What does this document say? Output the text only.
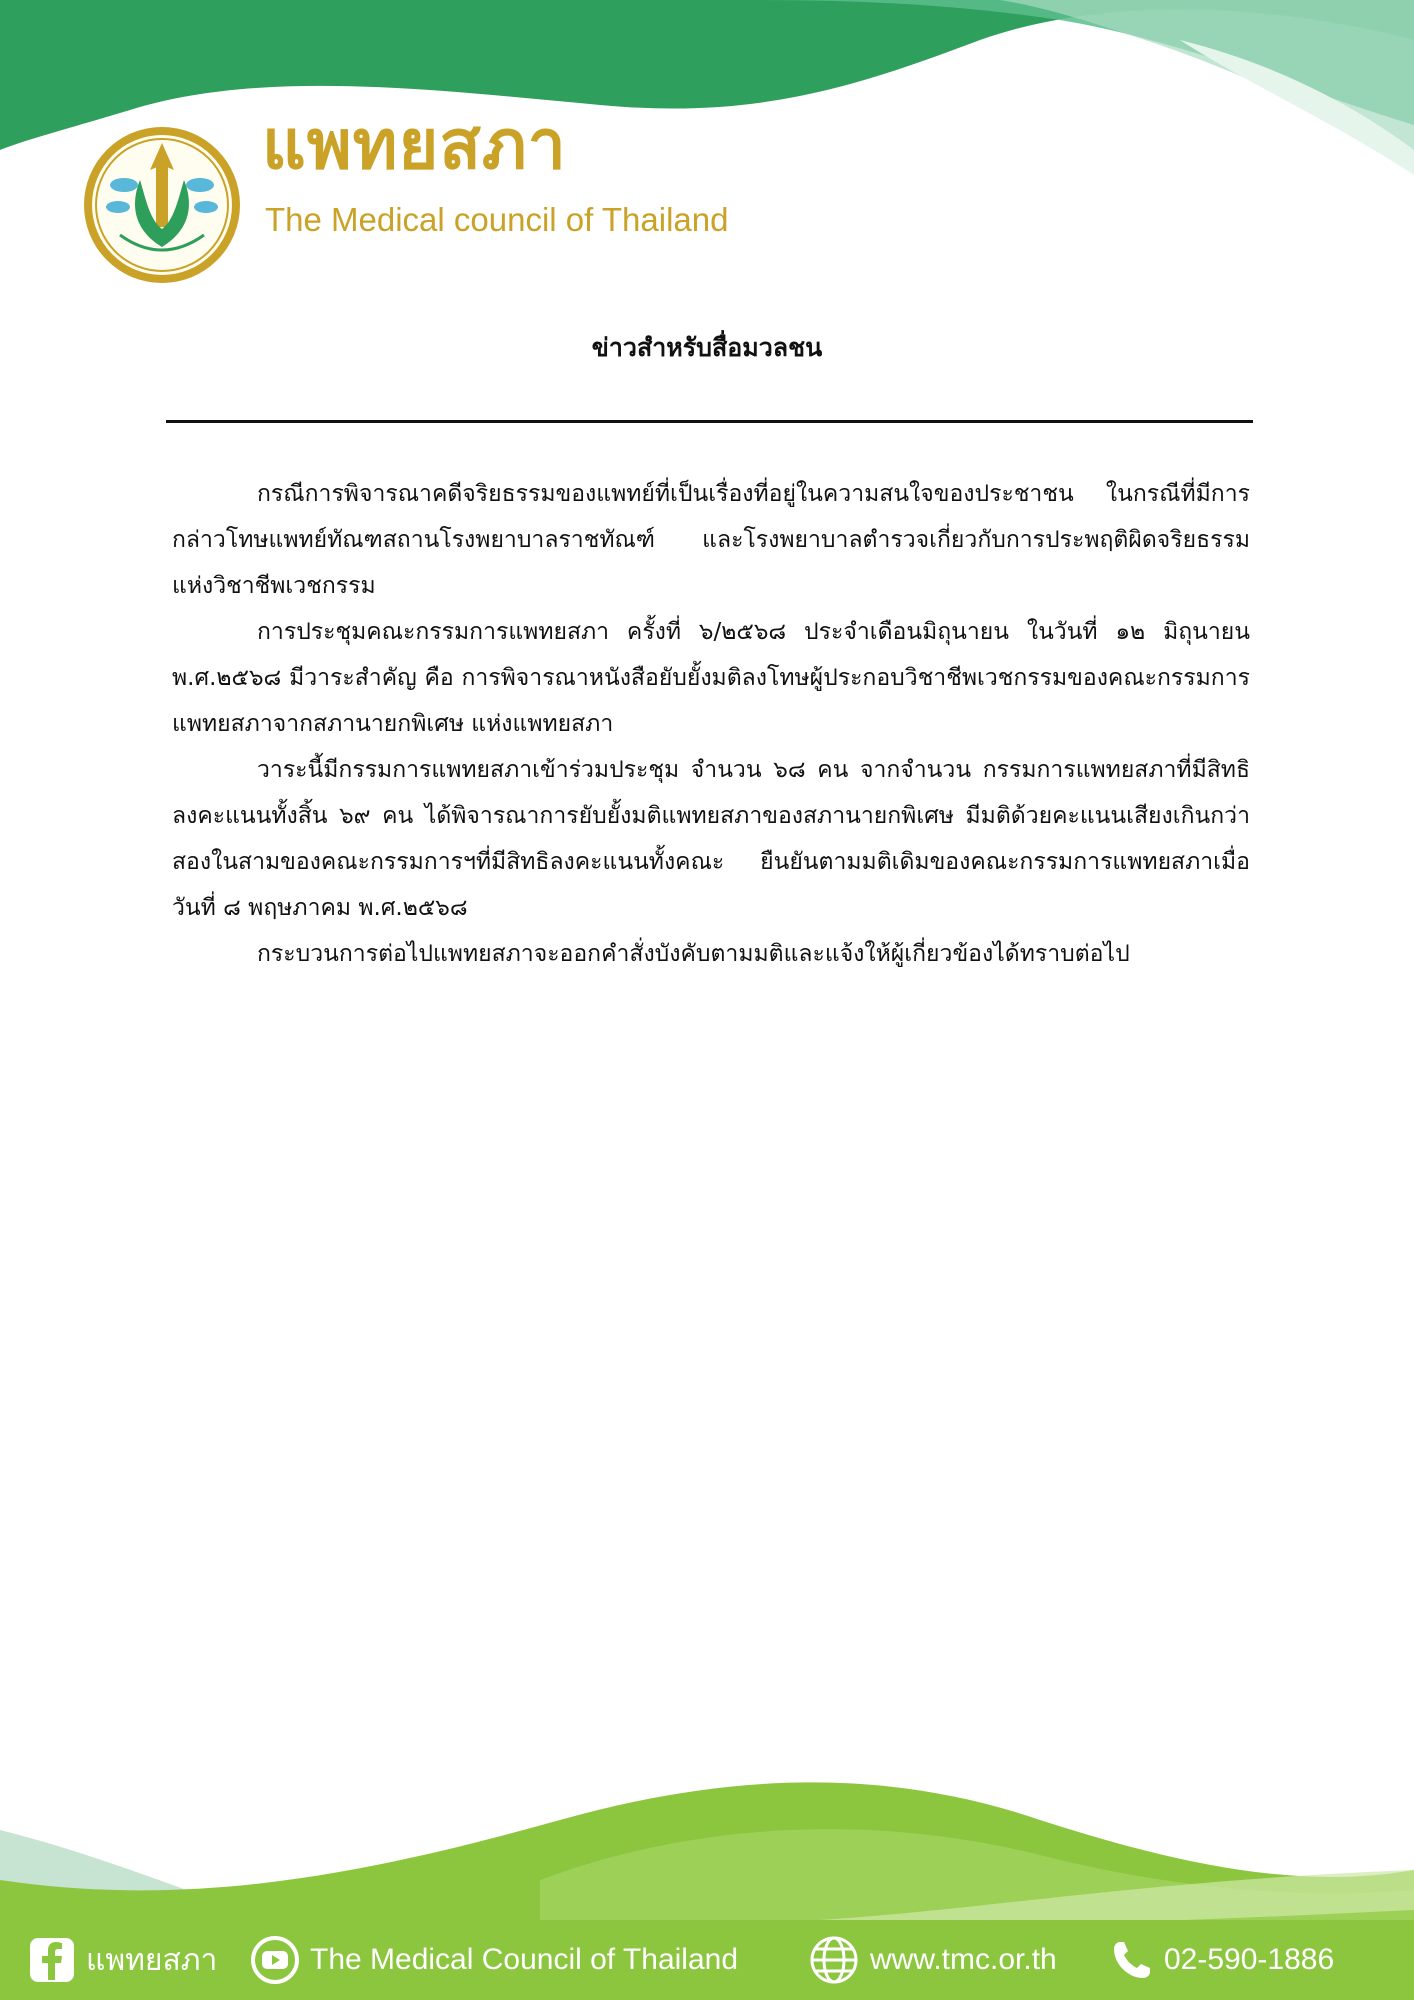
แพทยสภา
The Medical council of Thailand
ข่าวสำหรับสื่อมวลชน

กรณีการพิจารณาคดีจริยธรรมของแพทย์ที่เป็นเรื่องที่อยู่ในความสนใจของประชาชน ในกรณีที่มีการกล่าวโทษแพทย์ทัณฑสถานโรงพยาบาลราชทัณฑ์ และโรงพยาบาลตำรวจเกี่ยวกับการประพฤติผิดจริยธรรมแห่งวิชาชีพเวชกรรม

การประชุมคณะกรรมการแพทยสภา ครั้งที่ ๖/๒๕๖๘ ประจำเดือนมิถุนายน ในวันที่ ๑๒ มิถุนายน พ.ศ.๒๕๖๘ มีวาระสำคัญ คือ การพิจารณาหนังสือยับยั้งมติลงโทษผู้ประกอบวิชาชีพเวชกรรมของคณะกรรมการแพทยสภาจากสภานายกพิเศษ แห่งแพทยสภา

วาระนี้มีกรรมการแพทยสภาเข้าร่วมประชุม จำนวน ๖๘ คน จากจำนวน กรรมการแพทยสภาที่มีสิทธิลงคะแนนทั้งสิ้น ๖๙ คน ได้พิจารณาการยับยั้งมติแพทยสภาของสภานายกพิเศษ มีมติด้วยคะแนนเสียงเกินกว่าสองในสามของคณะกรรมการฯที่มีสิทธิลงคะแนนทั้งคณะ ยืนยันตามมติเดิมของคณะกรรมการแพทยสภาเมื่อวันที่ ๘ พฤษภาคม พ.ศ.๒๕๖๘

กระบวนการต่อไปแพทยสภาจะออกคำสั่งบังคับตามมติและแจ้งให้ผู้เกี่ยวข้องได้ทราบต่อไป

แพทยสภา	The Medical Council of Thailand	www.tmc.or.th	02-590-1886
